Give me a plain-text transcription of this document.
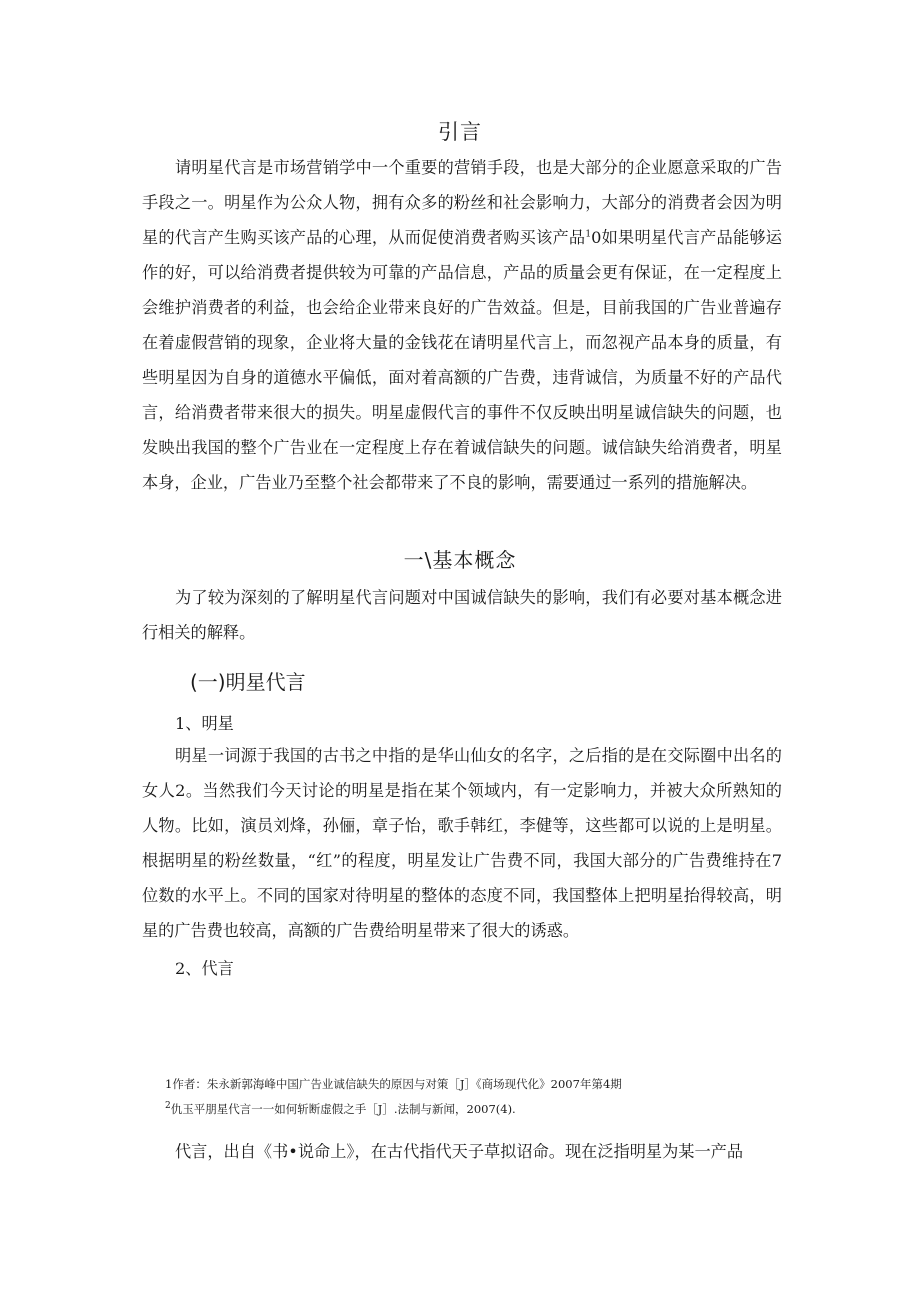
引言

请明星代言是市场营销学中一个重要的营销手段，也是大部分的企业愿意采取的广告手段之一。明星作为公众人物，拥有众多的粉丝和社会影响力，大部分的消费者会因为明星的代言产生购买该产品的心理，从而促使消费者购买该产品$^1$0如果明星代言产品能够运作的好，可以给消费者提供较为可靠的产品信息，产品的质量会更有保证，在一定程度上会维护消费者的利益，也会给企业带来良好的广告效益。但是，目前我国的广告业普遍存在着虚假营销的现象，企业将大量的金钱花在请明星代言上，而忽视产品本身的质量，有些明星因为自身的道德水平偏低，面对着高额的广告费，违背诚信，为质量不好的产品代言，给消费者带来很大的损失。明星虚假代言的事件不仅反映出明星诚信缺失的问题，也发映出我国的整个广告业在一定程度上存在着诚信缺失的问题。诚信缺失给消费者，明星本身，企业，广告业乃至整个社会都带来了不良的影响，需要通过一系列的措施解决。

一\基本概念

为了较为深刻的了解明星代言问题对中国诚信缺失的影响，我们有必要对基本概念进行相关的解释。

(一)明星代言

1、明星

明星一词源于我国的古书之中指的是华山仙女的名字，之后指的是在交际圈中出名的女人2。当然我们今天讨论的明星是指在某个领域内，有一定影响力，并被大众所熟知的人物。比如，演员刘烽，孙俪，章子怡，歌手韩红，李健等，这些都可以说的上是明星。根据明星的粉丝数量，“红”的程度，明星发让广告费不同，我国大部分的广告费维持在7位数的水平上。不同的国家对待明星的整体的态度不同，我国整体上把明星抬得较高，明星的广告费也较高，高额的广告费给明星带来了很大的诱惑。

2、代言

1作者：朱永新郭海峰中国广告业诚信缺失的原因与对策［J］《商场现代化》2007年第4期

$^2$仇玉平朋星代言一一如何斩断虚假之手［J］.法制与新闻，2007(4).

代言，出自《书•说命上》，在古代指代天子草拟诏命。现在泛指明星为某一产品
